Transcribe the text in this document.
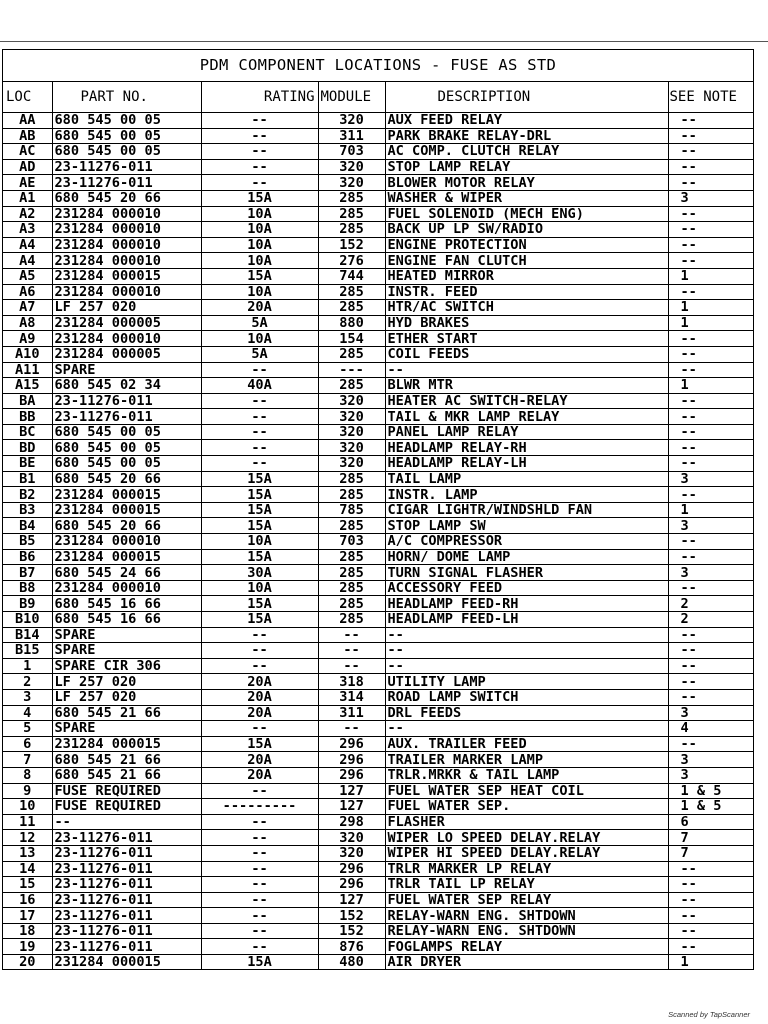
PDM COMPONENT LOCATIONS - FUSE AS STD
LOC	PART NO.	RATING	MODULE	DESCRIPTION	SEE NOTE
AA	680 545 00 05	--	320	AUX FEED RELAY	--
AB	680 545 00 05	--	311	PARK BRAKE RELAY-DRL	--
AC	680 545 00 05	--	703	AC COMP. CLUTCH RELAY	--
AD	23-11276-011	--	320	STOP LAMP RELAY	--
AE	23-11276-011	--	320	BLOWER MOTOR RELAY	--
A1	680 545 20 66	15A	285	WASHER & WIPER	3
A2	231284 000010	10A	285	FUEL SOLENOID (MECH ENG)	--
A3	231284 000010	10A	285	BACK UP LP SW/RADIO	--
A4	231284 000010	10A	152	ENGINE PROTECTION	--
A4	231284 000010	10A	276	ENGINE FAN CLUTCH	--
A5	231284 000015	15A	744	HEATED MIRROR	1
A6	231284 000010	10A	285	INSTR. FEED	--
A7	LF 257 020	20A	285	HTR/AC SWITCH	1
A8	231284 000005	5A	880	HYD BRAKES	1
A9	231284 000010	10A	154	ETHER START	--
A10	231284 000005	5A	285	COIL FEEDS	--
A11	SPARE	--	---	--	--
A15	680 545 02 34	40A	285	BLWR MTR	1
BA	23-11276-011	--	320	HEATER AC SWITCH-RELAY	--
BB	23-11276-011	--	320	TAIL & MKR LAMP RELAY	--
BC	680 545 00 05	--	320	PANEL LAMP RELAY	--
BD	680 545 00 05	--	320	HEADLAMP RELAY-RH	--
BE	680 545 00 05	--	320	HEADLAMP RELAY-LH	--
B1	680 545 20 66	15A	285	TAIL LAMP	3
B2	231284 000015	15A	285	INSTR. LAMP	--
B3	231284 000015	15A	785	CIGAR LIGHTR/WINDSHLD FAN	1
B4	680 545 20 66	15A	285	STOP LAMP SW	3
B5	231284 000010	10A	703	A/C COMPRESSOR	--
B6	231284 000015	15A	285	HORN/ DOME LAMP	--
B7	680 545 24 66	30A	285	TURN SIGNAL FLASHER	3
B8	231284 000010	10A	285	ACCESSORY FEED	--
B9	680 545 16 66	15A	285	HEADLAMP FEED-RH	2
B10	680 545 16 66	15A	285	HEADLAMP FEED-LH	2
B14	SPARE	--	--	--	--
B15	SPARE	--	--	--	--
1	SPARE CIR 306	--	--	--	--
2	LF 257 020	20A	318	UTILITY LAMP	--
3	LF 257 020	20A	314	ROAD LAMP SWITCH	--
4	680 545 21 66	20A	311	DRL FEEDS	3
5	SPARE	--	--	--	4
6	231284 000015	15A	296	AUX. TRAILER FEED	--
7	680 545 21 66	20A	296	TRAILER MARKER LAMP	3
8	680 545 21 66	20A	296	TRLR.MRKR & TAIL LAMP	3
9	FUSE REQUIRED	--	127	FUEL WATER SEP HEAT COIL	1 & 5
10	FUSE REQUIRED	---------	127	FUEL WATER SEP.	1 & 5
11	--	--	298	FLASHER	6
12	23-11276-011	--	320	WIPER LO SPEED DELAY.RELAY	7
13	23-11276-011	--	320	WIPER HI SPEED DELAY.RELAY	7
14	23-11276-011	--	296	TRLR MARKER LP RELAY	--
15	23-11276-011	--	296	TRLR TAIL LP RELAY	--
16	23-11276-011	--	127	FUEL WATER SEP RELAY	--
17	23-11276-011	--	152	RELAY-WARN ENG. SHTDOWN	--
18	23-11276-011	--	152	RELAY-WARN ENG. SHTDOWN	--
19	23-11276-011	--	876	FOGLAMPS RELAY	--
20	231284 000015	15A	480	AIR DRYER	1
Scanned by TapScanner
